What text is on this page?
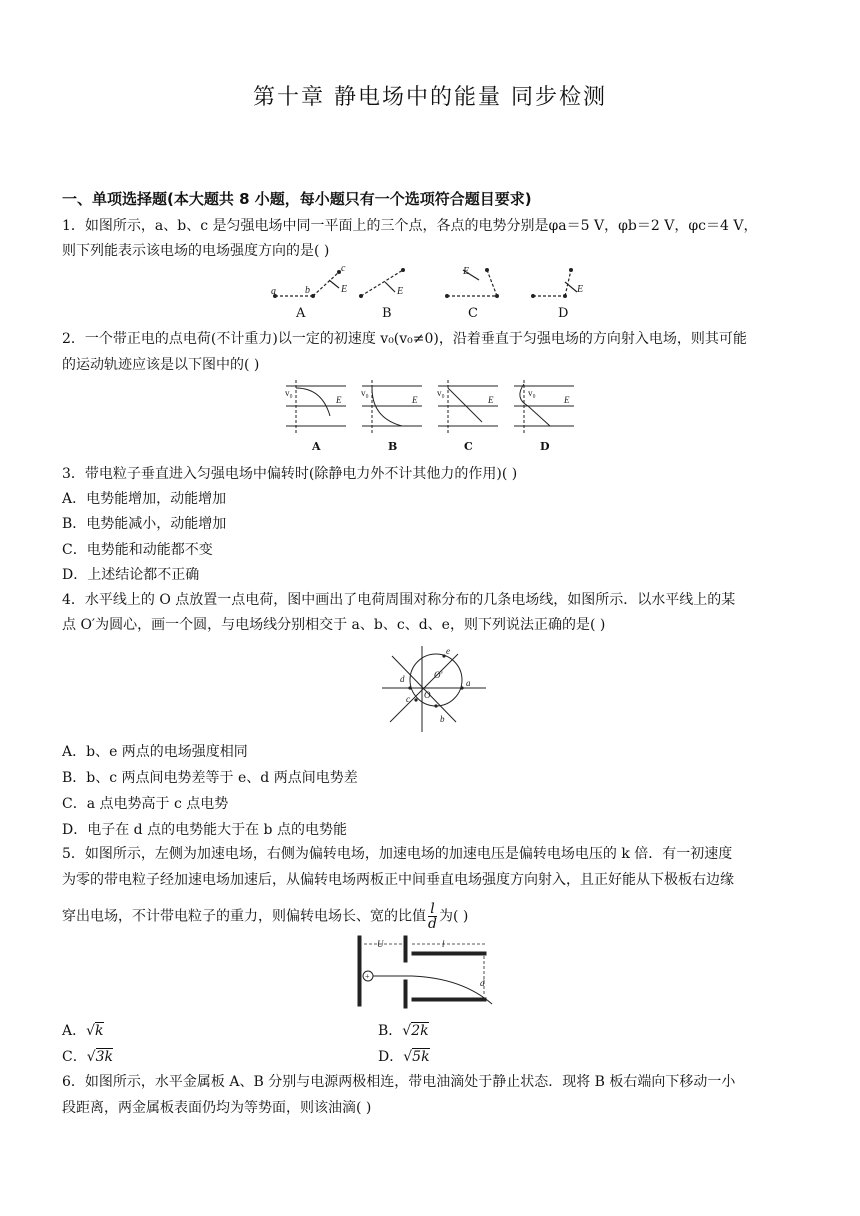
第十章 静电场中的能量 同步检测
一、单项选择题(本大题共 8 小题，每小题只有一个选项符合题目要求)
1．如图所示，a、b、c 是匀强电场中同一平面上的三个点，各点的电势分别是φa＝5 V，φb＝2 V，φc＝4 V，
则下列能表示该电场的电场强度方向的是( )
a	b
c
E
E
E	E
A	B	C	D
2．一个带正电的点电荷(不计重力)以一定的初速度 v₀(v₀≠0)，沿着垂直于匀强电场的方向射入电场，则其可能
的运动轨迹应该是以下图中的( )
v₀
E
v₀
E
v₀
E
v₀
E
A	B	C	D
3．带电粒子垂直进入匀强电场中偏转时(除静电力外不计其他力的作用)( )
A．电势能增加，动能增加
B．电势能减小，动能增加
C．电势能和动能都不变
D．上述结论都不正确
4．水平线上的 O 点放置一点电荷，图中画出了电荷周围对称分布的几条电场线，如图所示．以水平线上的某
点 O′为圆心，画一个圆，与电场线分别相交于 a、b、c、d、e，则下列说法正确的是( )
a
b
c
d
e
O
O′
A．b、e 两点的电场强度相同
B．b、c 两点间电势差等于 e、d 两点间电势差
C．a 点电势高于 c 点电势
D．电子在 d 点的电势能大于在 b 点的电势能
5．如图所示，左侧为加速电场，右侧为偏转电场，加速电场的加速电压是偏转电场电压的 k 倍．有一初速度
为零的带电粒子经加速电场加速后，从偏转电场两板正中间垂直电场强度方向射入，且正好能从下极板右边缘
穿出电场，不计带电粒子的重力，则偏转电场长、宽的比值 $\frac{l}{d}$ 为( )
U	l
d
+
A．√k	B．√2k
C．√3k	D．√5k
6．如图所示，水平金属板 A、B 分别与电源两极相连，带电油滴处于静止状态．现将 B 板右端向下移动一小
段距离，两金属板表面仍均为等势面，则该油滴( )
